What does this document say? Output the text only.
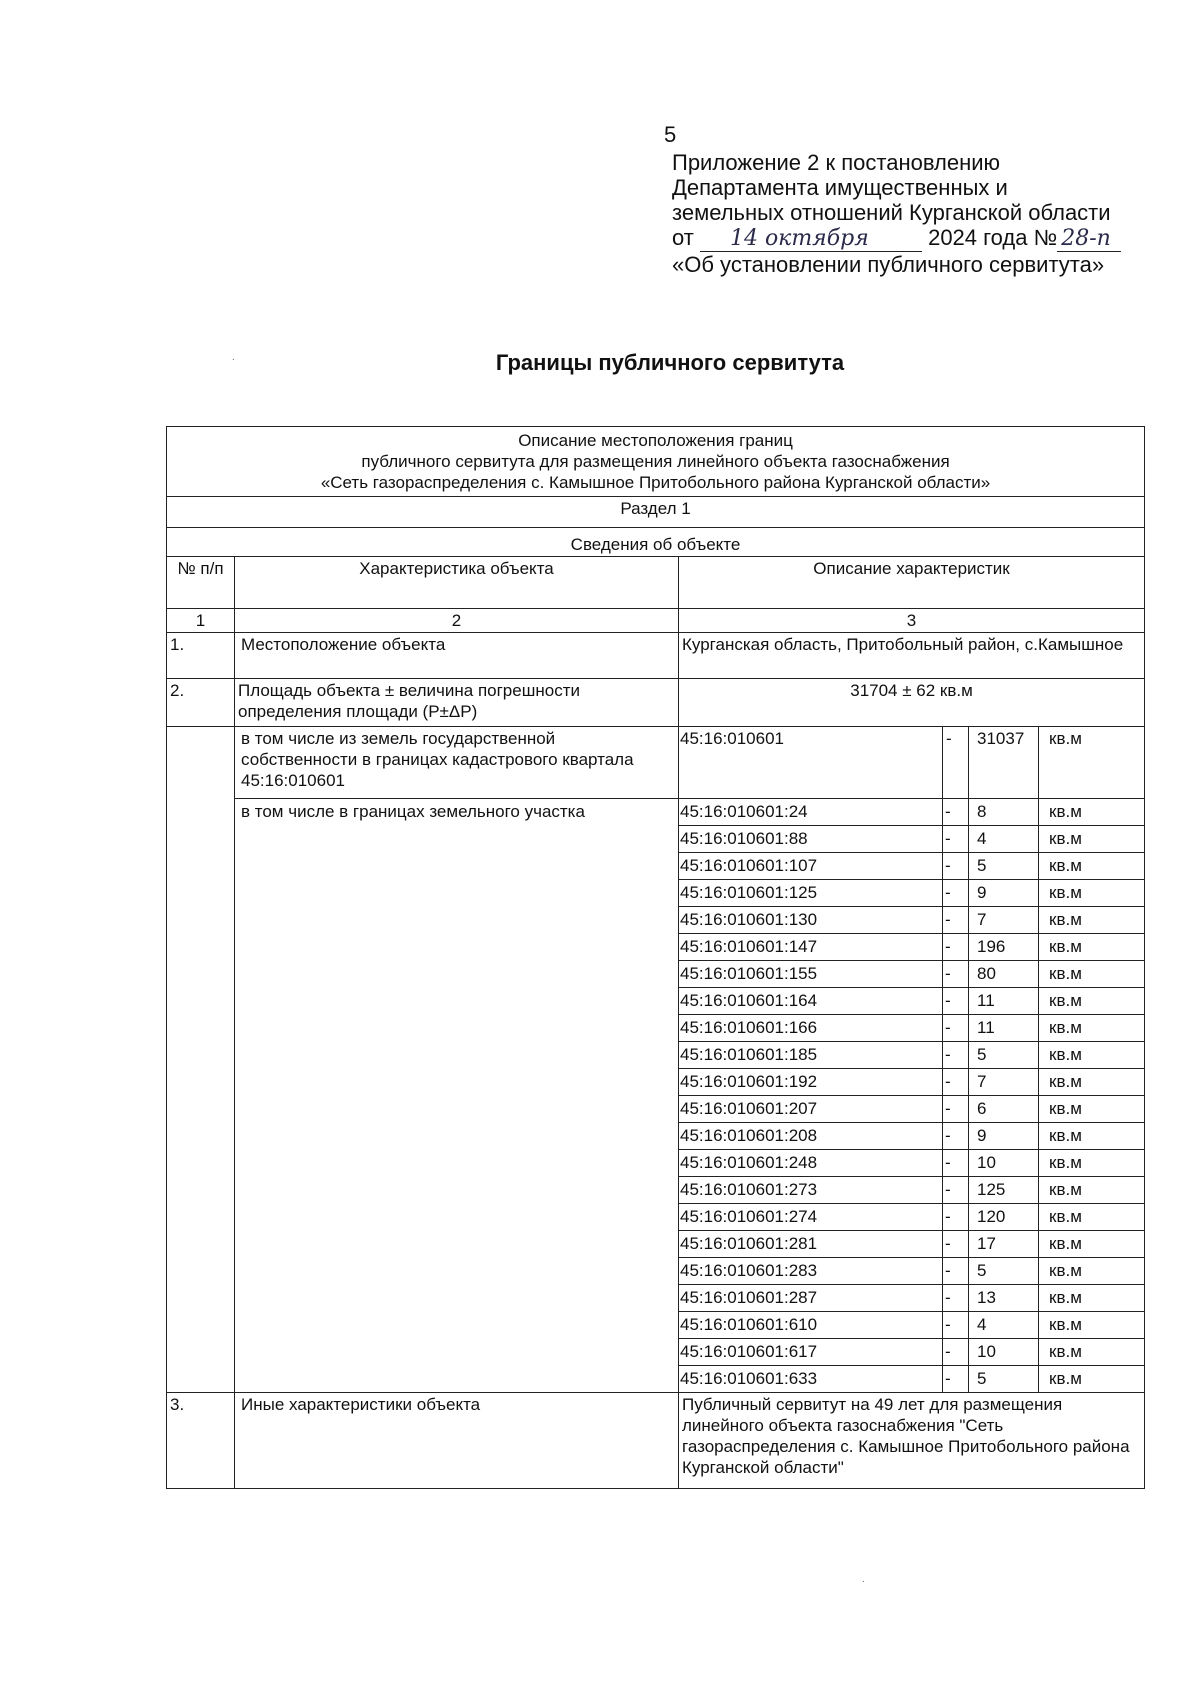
5
Приложение 2 к постановлению
Департамента имущественных и
земельных отношений Курганской области
от 14 октября	2024 года № 28-п
«Об установлении публичного сервитута»
Границы публичного сервитута
Описание местоположения границ
публичного сервитута для размещения линейного объекта газоснабжения
«Сеть газораспределения с. Камышное Притобольного района Курганской области»					

Раздел 1					
Сведения об объекте					
№ п/п	Характеристика объекта	Описание характеристик			
1	2	3			
1.	Местоположение объекта	Курганская область, Притобольный район, с.Камышное			
2.	Площадь объекта ± величина погрешности определения площади (Р±ΔР)	31704 ± 62 кв.м			
	в том числе из земель государственной собственности в границах кадастрового квартала 45:16:010601	45:16:010601	-	31037	кв.м
	в том числе в границах земельного участка	45:16:010601:24	-	8	кв.м
		45:16:010601:88	-	4	кв.м
		45:16:010601:107	-	5	кв.м
		45:16:010601:125	-	9	кв.м
		45:16:010601:130	-	7	кв.м
		45:16:010601:147	-	196	кв.м
		45:16:010601:155	-	80	кв.м
		45:16:010601:164	-	11	кв.м
		45:16:010601:166	-	11	кв.м
		45:16:010601:185	-	5	кв.м
		45:16:010601:192	-	7	кв.м
		45:16:010601:207	-	6	кв.м
		45:16:010601:208	-	9	кв.м
		45:16:010601:248	-	10	кв.м
		45:16:010601:273	-	125	кв.м
		45:16:010601:274	-	120	кв.м
		45:16:010601:281	-	17	кв.м
		45:16:010601:283	-	5	кв.м
		45:16:010601:287	-	13	кв.м
		45:16:010601:610	-	4	кв.м
		45:16:010601:617	-	10	кв.м
		45:16:010601:633	-	5	кв.м
3.	Иные характеристики объекта	Публичный сервитут на 49 лет для размещения линейного объекта газоснабжения "Сеть газораспределения с. Камышное Притобольного района Курганской области"			
.
.
